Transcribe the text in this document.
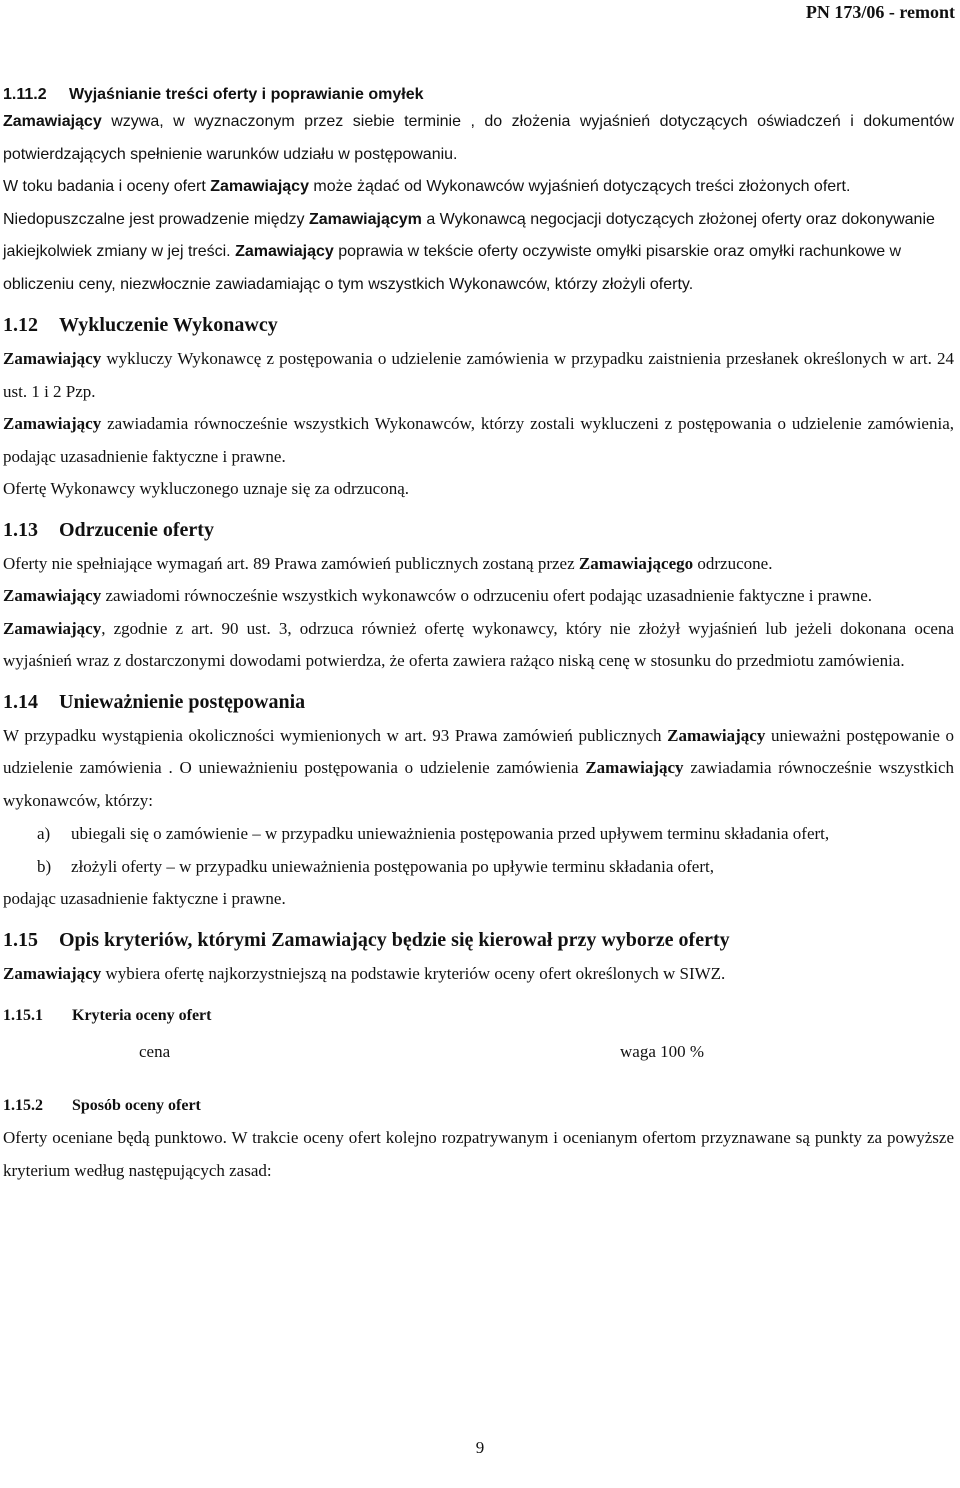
PN 173/06 - remont
1.11.2 Wyjaśnianie treści oferty i poprawianie omyłek

Zamawiający wzywa, w wyznaczonym przez siebie terminie , do złożenia wyjaśnień dotyczących oświadczeń i dokumentów potwierdzających spełnienie warunków udziału w postępowaniu.

W toku badania i oceny ofert Zamawiający może żądać od Wykonawców wyjaśnień dotyczących treści złożonych ofert.

Niedopuszczalne jest prowadzenie między Zamawiającym a Wykonawcą negocjacji dotyczących złożonej oferty oraz dokonywanie jakiejkolwiek zmiany w jej treści. Zamawiający poprawia w tekście oferty oczywiste omyłki pisarskie oraz omyłki rachunkowe w obliczeniu ceny, niezwłocznie zawiadamiając o tym wszystkich Wykonawców, którzy złożyli oferty.

1.12 Wykluczenie Wykonawcy

Zamawiający wykluczy Wykonawcę z postępowania o udzielenie zamówienia w przypadku zaistnienia przesłanek określonych w art. 24 ust. 1 i 2 Pzp.

Zamawiający zawiadamia równocześnie wszystkich Wykonawców, którzy zostali wykluczeni z postępowania o udzielenie zamówienia, podając uzasadnienie faktyczne i prawne.

Ofertę Wykonawcy wykluczonego uznaje się za odrzuconą.

1.13 Odrzucenie oferty

Oferty nie spełniające wymagań art. 89 Prawa zamówień publicznych zostaną przez Zamawiającego odrzucone.

Zamawiający zawiadomi równocześnie wszystkich wykonawców o odrzuceniu ofert podając uzasadnienie faktyczne i prawne.

Zamawiający, zgodnie z art. 90 ust. 3, odrzuca również ofertę wykonawcy, który nie złożył wyjaśnień lub jeżeli dokonana ocena wyjaśnień wraz z dostarczonymi dowodami potwierdza, że oferta zawiera rażąco niską cenę w stosunku do przedmiotu zamówienia.

1.14 Unieważnienie postępowania

W przypadku wystąpienia okoliczności wymienionych w art. 93 Prawa zamówień publicznych Zamawiający unieważni postępowanie o udzielenie zamówienia . O unieważnieniu postępowania o udzielenie zamówienia Zamawiający zawiadamia równocześnie wszystkich wykonawców, którzy:

a) ubiegali się o zamówienie – w przypadku unieważnienia postępowania przed upływem terminu składania ofert,
b) złożyli oferty – w przypadku unieważnienia postępowania po upływie terminu składania ofert,

podając uzasadnienie faktyczne i prawne.

1.15 Opis kryteriów, którymi Zamawiający będzie się kierował przy wyborze oferty

Zamawiający wybiera ofertę najkorzystniejszą na podstawie kryteriów oceny ofert określonych w SIWZ.

1.15.1 Kryteria oceny ofert
cena	waga 100 %
1.15.2 Sposób oceny ofert

Oferty oceniane będą punktowo. W trakcie oceny ofert kolejno rozpatrywanym i ocenianym ofertom przyznawane są punkty za powyższe kryterium według następujących zasad:

9
